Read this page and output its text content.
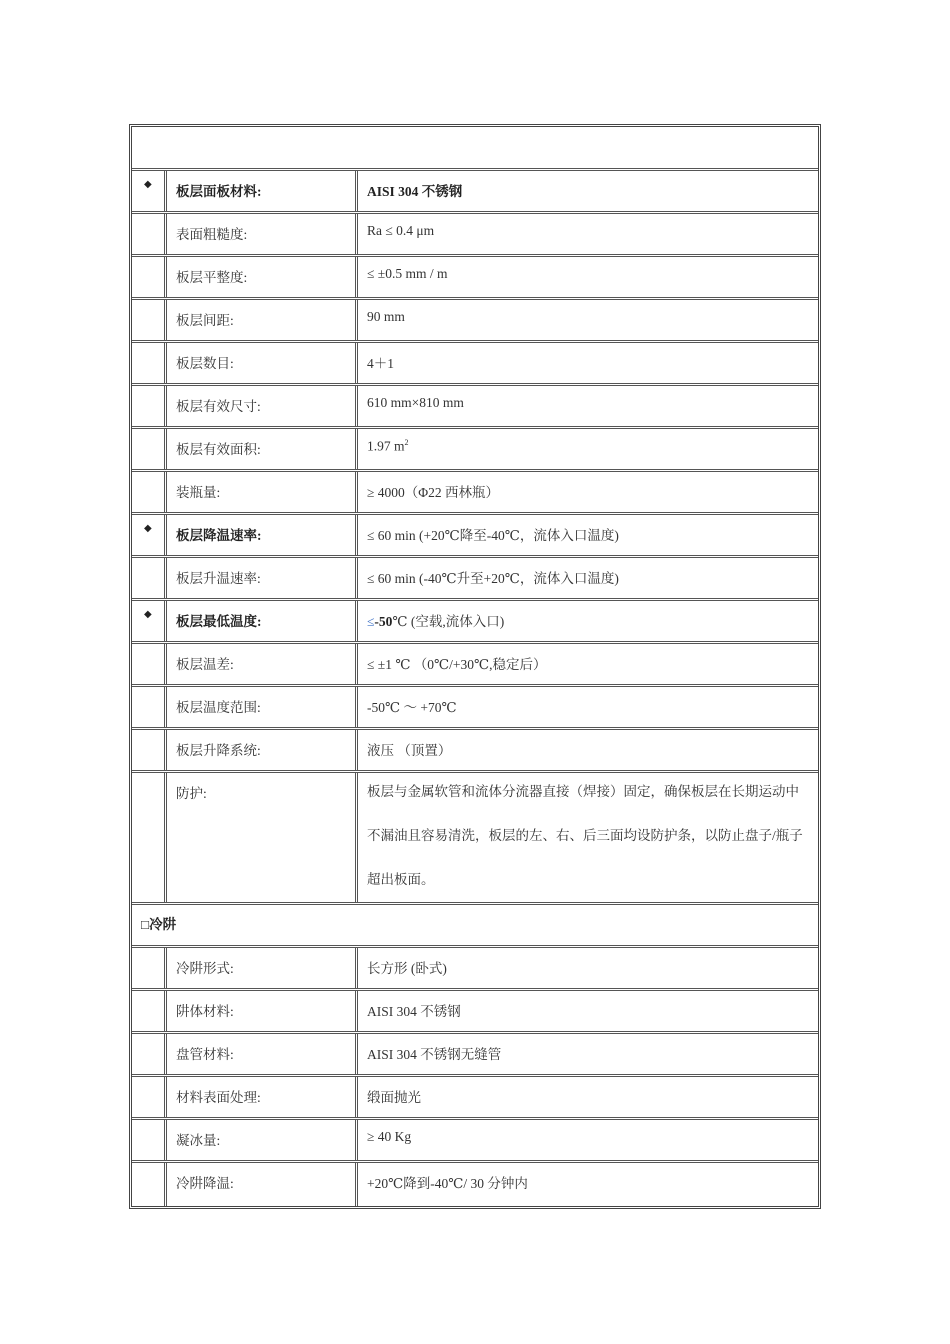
◆	板层面板材料:	AISI 304 不锈钢
表面粗糙度:	Ra ≤ 0.4 μm
板层平整度:	≤ ±0.5 mm / m
板层间距:	90 mm
板层数目:	4＋1
板层有效尺寸:	610 mm×810 mm
板层有效面积:	1.97 $m^2$
装瓶量:	≥ 4000（Φ22 西林瓶）
◆	板层降温速率:	≤ 60 min (+20℃降至-40℃，流体入口温度)
板层升温速率:	≤ 60 min (-40℃升至+20℃，流体入口温度)
◆	板层最低温度:	≤-50℃ (空载,流体入口)
板层温差:	≤ ±1 ℃ （0℃/+30℃,稳定后）
板层温度范围:	-50℃ ～ +70℃
板层升降系统:	液压 （顶置）
防护:	板层与金属软管和流体分流器直接（焊接）固定，确保板层在长期运动中不漏油且容易清洗，板层的左、右、后三面均设防护条，以防止盘子/瓶子超出板面。
□冷阱
冷阱形式:	长方形 (卧式)
阱体材料:	AISI 304 不锈钢
盘管材料:	AISI 304 不锈钢无缝管
材料表面处理:	缎面抛光
凝冰量:	≥ 40 Kg
冷阱降温:	+20℃降到-40℃/ 30 分钟内
